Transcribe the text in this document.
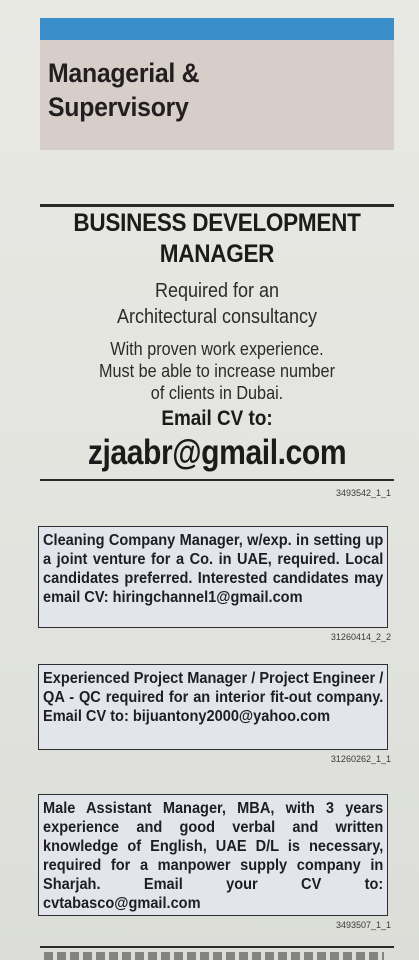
Managerial &
Supervisory
BUSINESS DEVELOPMENT
MANAGER
Required for an
Architectural consultancy
With proven work experience.
Must be able to increase number
of clients in Dubai.
Email CV to:
zjaabr@gmail.com
3493542_1_1
Cleaning Company Manager, w/exp. in setting up a joint venture for a Co. in UAE, required. Local candidates preferred. Interested candidates may email CV: hiringchannel1@gmail.com
31260414_2_2
Experienced Project Manager / Project Engineer / QA - QC required for an interior fit-out company. Email CV to: bijuantony2000@yahoo.com
31260262_1_1
Male Assistant Manager, MBA, with 3 years experience and good verbal and written knowledge of English, UAE D/L is necessary, required for a manpower supply company in Sharjah. Email your CV to: cvtabasco@gmail.com
3493507_1_1
